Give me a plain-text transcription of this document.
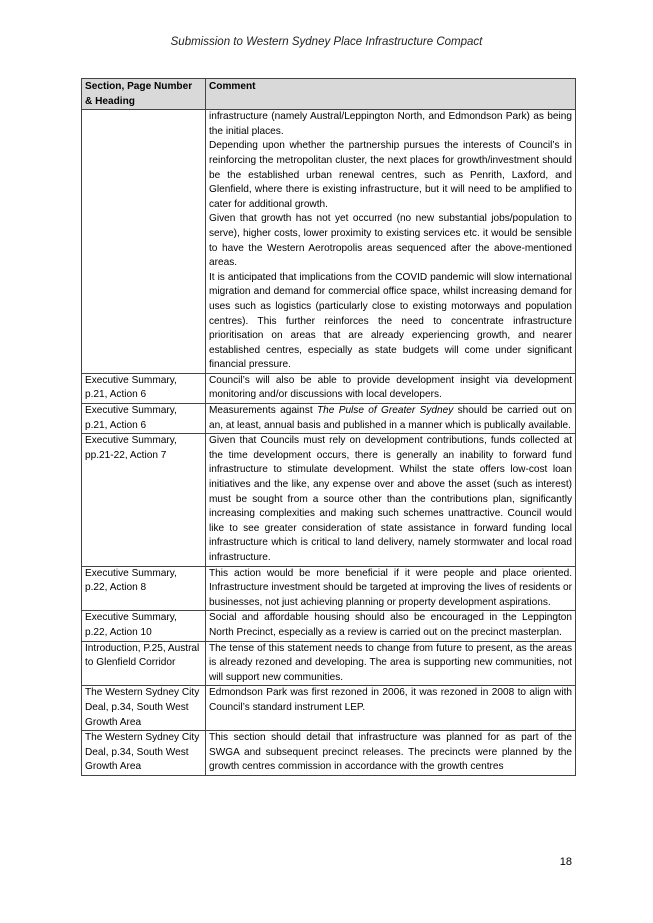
Submission to Western Sydney Place Infrastructure Compact
Section, Page Number & Heading	Comment

	infrastructure (namely Austral/Leppington North, and Edmondson Park) as being the initial places.

Depending upon whether the partnership pursues the interests of Council’s in reinforcing the metropolitan cluster, the next places for growth/investment should be the established urban renewal centres, such as Penrith, Laxford, and Glenfield, where there is existing infrastructure, but it will need to be amplified to cater for additional growth.

Given that growth has not yet occurred (no new substantial jobs/population to serve), higher costs, lower proximity to existing services etc. it would be sensible to have the Western Aerotropolis areas sequenced after the above-mentioned areas.

It is anticipated that implications from the COVID pandemic will slow international migration and demand for commercial office space, whilst increasing demand for uses such as logistics (particularly close to existing motorways and population centres). This further reinforces the need to concentrate infrastructure prioritisation on areas that are already experiencing growth, and nearer established centres, especially as state budgets will come under significant financial pressure.

Executive Summary, p.21, Action 6	Council’s will also be able to provide development insight via development monitoring and/or discussions with local developers.

Executive Summary, p.21, Action 6	Measurements against The Pulse of Greater Sydney should be carried out on an, at least, annual basis and published in a manner which is publically available.

Executive Summary, pp.21-22, Action 7	Given that Councils must rely on development contributions, funds collected at the time development occurs, there is generally an inability to forward fund infrastructure to stimulate development. Whilst the state offers low-cost loan initiatives and the like, any expense over and above the asset (such as interest) must be sought from a source other than the contributions plan, significantly increasing complexities and making such schemes unattractive. Council would like to see greater consideration of state assistance in forward funding local infrastructure which is critical to land delivery, namely stormwater and local road infrastructure.

Executive Summary, p.22, Action 8	This action would be more beneficial if it were people and place oriented. Infrastructure investment should be targeted at improving the lives of residents or businesses, not just achieving planning or property development aspirations.

Executive Summary, p.22, Action 10	Social and affordable housing should also be encouraged in the Leppington North Precinct, especially as a review is carried out on the precinct masterplan.

Introduction, P.25, Austral to Glenfield Corridor	The tense of this statement needs to change from future to present, as the areas is already rezoned and developing. The area is supporting new communities, not will support new communities.

The Western Sydney City Deal, p.34, South West Growth Area	Edmondson Park was first rezoned in 2006, it was rezoned in 2008 to align with Council’s standard instrument LEP.

The Western Sydney City Deal, p.34, South West Growth Area	This section should detail that infrastructure was planned for as part of the SWGA and subsequent precinct releases. The precincts were planned by the growth centres commission in accordance with the growth centres

18
